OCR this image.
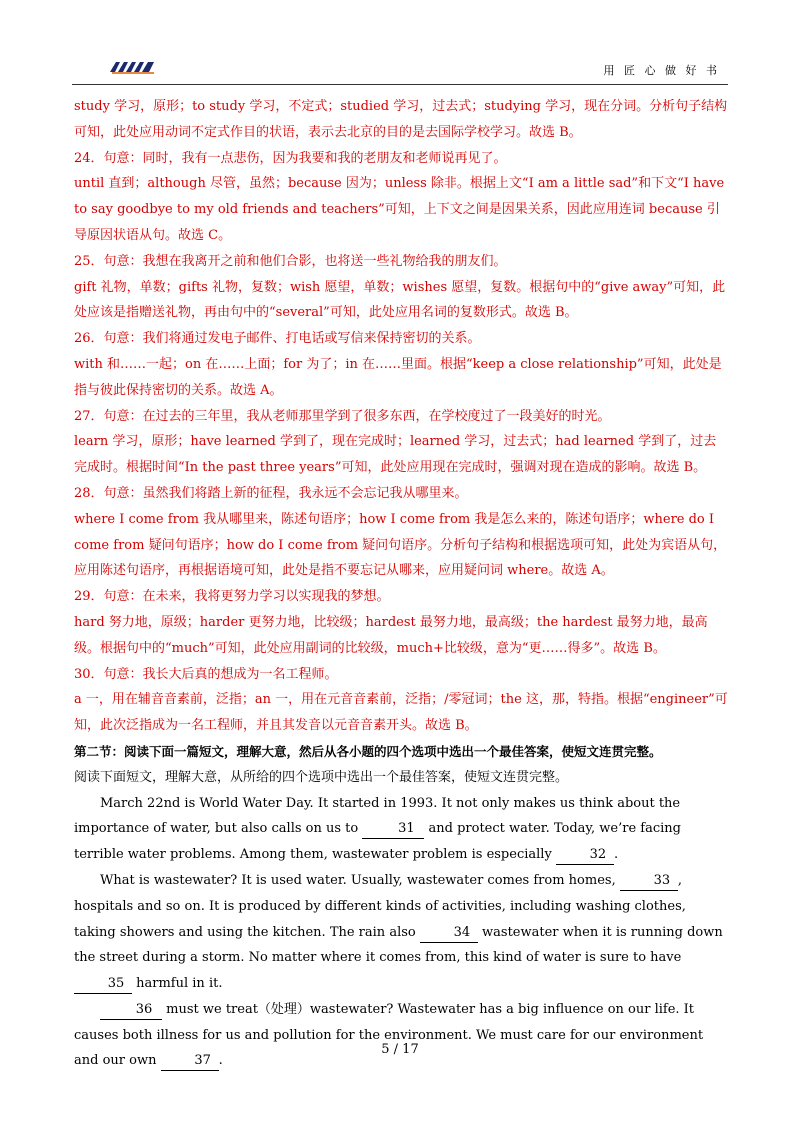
用 匠 心 做 好 书

study 学习，原形；to study 学习，不定式；studied 学习，过去式；studying 学习，现在分词。分析句子结构可知，此处应用动词不定式作目的状语，表示去北京的目的是去国际学校学习。故选 B。

24．句意：同时，我有一点悲伤，因为我要和我的老朋友和老师说再见了。

until 直到；although 尽管，虽然；because 因为；unless 除非。根据上文“I am a little sad”和下文“I have to say goodbye to my old friends and teachers”可知，上下文之间是因果关系，因此应用连词 because 引导原因状语从句。故选 C。

25．句意：我想在我离开之前和他们合影，也将送一些礼物给我的朋友们。

gift 礼物，单数；gifts 礼物，复数；wish 愿望，单数；wishes 愿望，复数。根据句中的“give away”可知，此处应该是指赠送礼物，再由句中的“several”可知，此处应用名词的复数形式。故选 B。

26．句意：我们将通过发电子邮件、打电话或写信来保持密切的关系。

with 和……一起；on 在……上面；for 为了；in 在……里面。根据“keep a close relationship”可知，此处是指与彼此保持密切的关系。故选 A。

27．句意：在过去的三年里，我从老师那里学到了很多东西，在学校度过了一段美好的时光。

learn 学习，原形；have learned 学到了，现在完成时；learned 学习，过去式；had learned 学到了，过去完成时。根据时间“In the past three years”可知，此处应用现在完成时，强调对现在造成的影响。故选 B。

28．句意：虽然我们将踏上新的征程，我永远不会忘记我从哪里来。

where I come from 我从哪里来，陈述句语序；how I come from 我是怎么来的，陈述句语序；where do I come from 疑问句语序；how do I come from 疑问句语序。分析句子结构和根据选项可知，此处为宾语从句，应用陈述句语序，再根据语境可知，此处是指不要忘记从哪来，应用疑问词 where。故选 A。

29．句意：在未来，我将更努力学习以实现我的梦想。

hard 努力地，原级；harder 更努力地，比较级；hardest 最努力地，最高级；the hardest 最努力地，最高级。根据句中的“much”可知，此处应用副词的比较级，much+比较级，意为“更……得多”。故选 B。

30．句意：我长大后真的想成为一名工程师。

a 一，用在辅音音素前，泛指；an 一，用在元音音素前，泛指；/零冠词；the 这，那，特指。根据“engineer”可知，此次泛指成为一名工程师，并且其发音以元音音素开头。故选 B。

第二节：阅读下面一篇短文，理解大意，然后从各小题的四个选项中选出一个最佳答案，使短文连贯完整。

阅读下面短文，理解大意，从所给的四个选项中选出一个最佳答案，使短文连贯完整。

March 22nd is World Water Day. It started in 1993. It not only makes us think about the importance of water, but also calls on us to	31 and protect water. Today, we’re facing terrible water problems. Among them, wastewater problem is especially	32 .

What is wastewater? It is used water. Usually, wastewater comes from homes,	33 , hospitals and so on. It is produced by different kinds of activities, including washing clothes, taking showers and using the kitchen. The rain also	34 wastewater when it is running down the street during a storm. No matter where it comes from, this kind of water is sure to have 35 harmful in it.

36 must we treat（处理）wastewater? Wastewater has a big influence on our life. It causes both illness for us and pollution for the environment. We must care for our environment and our own	37 .

5 / 17
